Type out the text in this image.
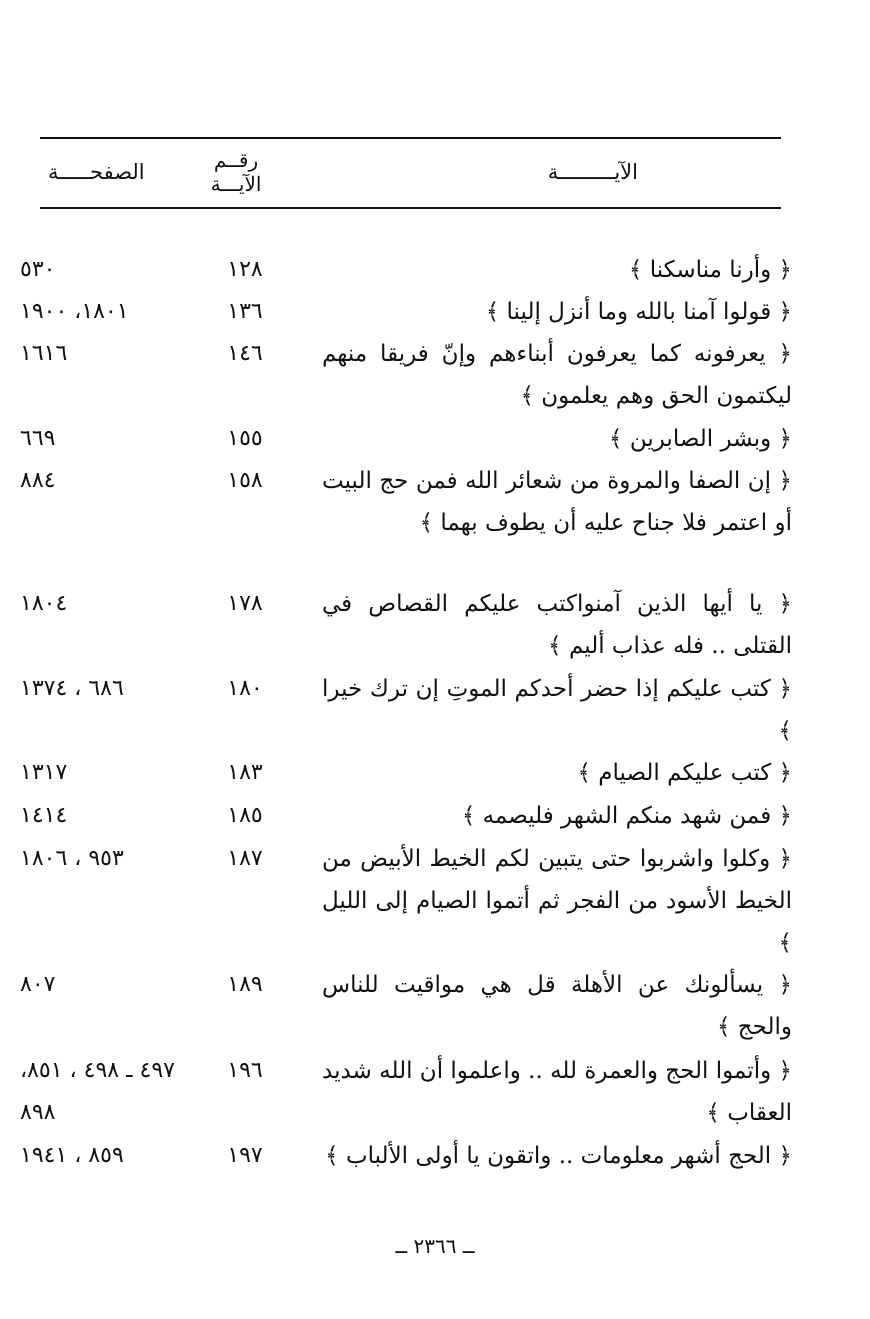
الآيـــــــــة
رقــم
الآيـــة
الصفحـــــة
﴿ وأرنا مناسكنا ﴾
١٢٨
٥٣٠
﴿ قولوا آمنا بالله وما أنزل إلينا ﴾
١٣٦
١٨٠١، ١٩٠٠
﴿ يعرفونه كما يعرفون أبناءهم وإنّ فريقا منهم ليكتمون الحق وهم يعلمون ﴾
١٤٦
١٦١٦
﴿ وبشر الصابرين ﴾
١٥٥
٦٦٩
﴿ إن الصفا والمروة من شعائر الله فمن حج البيت أو اعتمر فلا جناح عليه أن يطوف بهما ﴾
١٥٨
٨٨٤
﴿ يا أيها الذين آمنواكتب عليكم القصاص في القتلى .. فله عذاب أليم ﴾
١٧٨
١٨٠٤
﴿ كتب عليكم إذا حضر أحدكم الموتِ إن ترك خيرا ﴾
١٨٠
٦٨٦ ، ١٣٧٤
﴿ كتب عليكم الصيام ﴾
١٨٣
١٣١٧
﴿ فمن شهد منكم الشهر فليصمه ﴾
١٨٥
١٤١٤
﴿ وكلوا واشربوا حتى يتبين لكم الخيط الأبيض من الخيط الأسود من الفجر ثم أتموا الصيام إلى الليل ﴾
١٨٧
٩٥٣ ، ١٨٠٦
﴿ يسألونك عن الأهلة قل هي مواقيت للناس والحج ﴾
١٨٩
٨٠٧
﴿ وأتموا الحج والعمرة لله .. واعلموا أن الله شديد العقاب ﴾
١٩٦
٤٩٧ ـ ٤٩٨ ، ٨٥١، ٨٩٨
﴿ الحج أشهر معلومات .. واتقون يا أولى الألباب ﴾
١٩٧
٨٥٩ ، ١٩٤١
ــ ٢٣٦٦ ــ
